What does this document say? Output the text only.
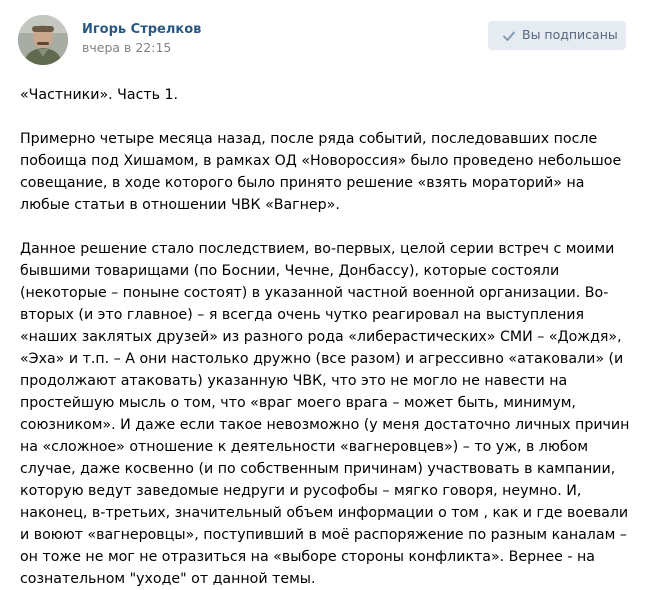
Игорь Стрелков
вчера в 22:15
Вы подписаны

«Частники». Часть 1.

Примерно четыре месяца назад, после ряда событий, последовавших после побоища под Хишамом, в рамках ОД «Новороссия» было проведено небольшое совещание, в ходе которого было принято решение «взять мораторий» на любые статьи в отношении ЧВК «Вагнер».

Данное решение стало последствием, во-первых, целой серии встреч с моими бывшими товарищами (по Боснии, Чечне, Донбассу), которые состояли (некоторые – поныне состоят) в указанной частной военной организации. Во-вторых (и это главное) – я всегда очень чутко реагировал на выступления «наших заклятых друзей» из разного рода «либерастических» СМИ – «Дождя», «Эха» и т.п. – А они настолько дружно (все разом) и агрессивно «атаковали» (и продолжают атаковать) указанную ЧВК, что это не могло не навести на простейшую мысль о том, что «враг моего врага – может быть, минимум, союзником». И даже если такое невозможно (у меня достаточно личных причин на «сложное» отношение к деятельности «вагнеровцев») – то уж, в любом случае, даже косвенно (и по собственным причинам) участвовать в кампании, которую ведут заведомые недруги и русофобы – мягко говоря, неумно. И, наконец, в-третьих, значительный объем информации о том , как и где воевали и воюют «вагнеровцы», поступивший в моё распоряжение по разным каналам – он тоже не мог не отразиться на «выборе стороны конфликта». Вернее - на сознательном "уходе" от данной темы.
